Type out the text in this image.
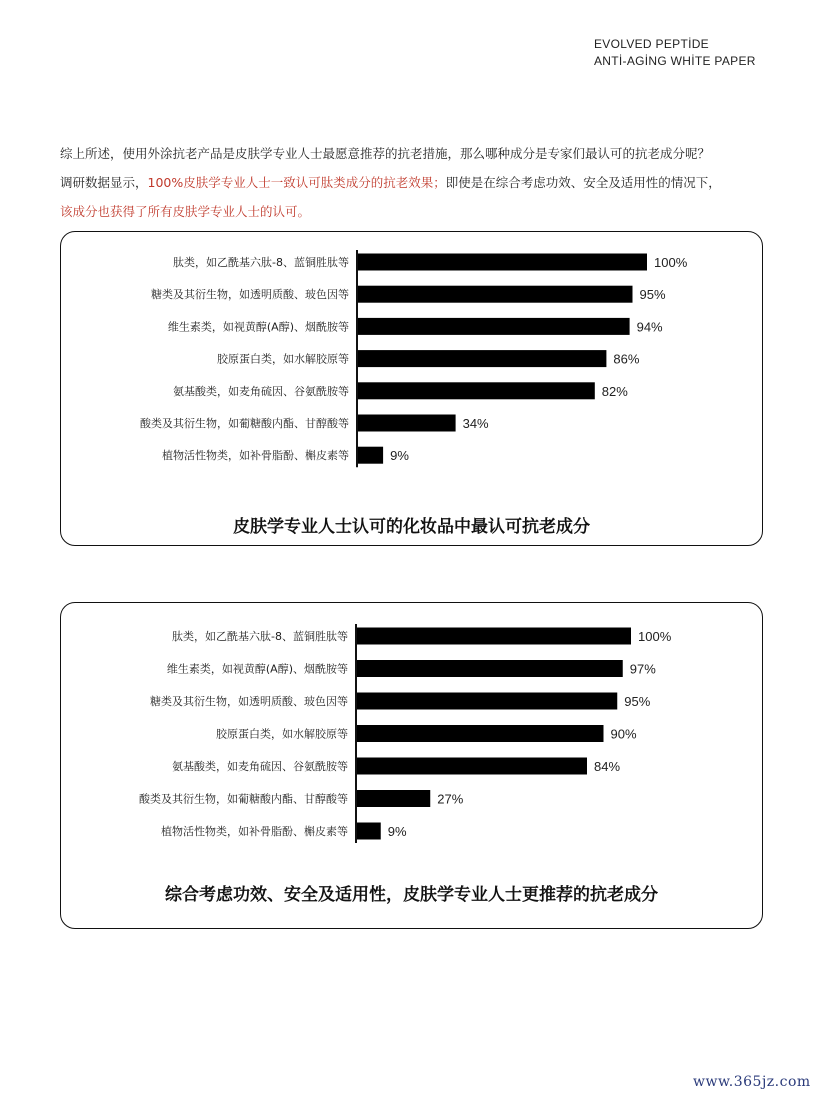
EVOLVED PEPTİDE
ANTİ-AGİNG WHİTE PAPER
综上所述，使用外涂抗老产品是皮肤学专业人士最愿意推荐的抗老措施，那么哪种成分是专家们最认可的抗老成分呢？
调研数据显示，100%皮肤学专业人士一致认可肽类成分的抗老效果；即使是在综合考虑功效、安全及适用性的情况下，
该成分也获得了所有皮肤学专业人士的认可。
肽类，如乙酰基六肽-8、蓝铜胜肽等	100%
糖类及其衍生物，如透明质酸、玻色因等	95%
维生素类，如视黄醇(A醇)、烟酰胺等	94%
胶原蛋白类，如水解胶原等	86%
氨基酸类，如麦角硫因、谷氨酰胺等	82%
酸类及其衍生物，如葡糖酸内酯、甘醇酸等	34%
植物活性物类，如补骨脂酚、槲皮素等	9%
皮肤学专业人士认可的化妆品中最认可抗老成分
肽类，如乙酰基六肽-8、蓝铜胜肽等	100%
维生素类，如视黄醇(A醇)、烟酰胺等	97%
糖类及其衍生物，如透明质酸、玻色因等	95%
胶原蛋白类，如水解胶原等	90%
氨基酸类，如麦角硫因、谷氨酰胺等	84%
酸类及其衍生物，如葡糖酸内酯、甘醇酸等	27%
植物活性物类，如补骨脂酚、槲皮素等	9%
综合考虑功效、安全及适用性，皮肤学专业人士更推荐的抗老成分
www.365jz.com
